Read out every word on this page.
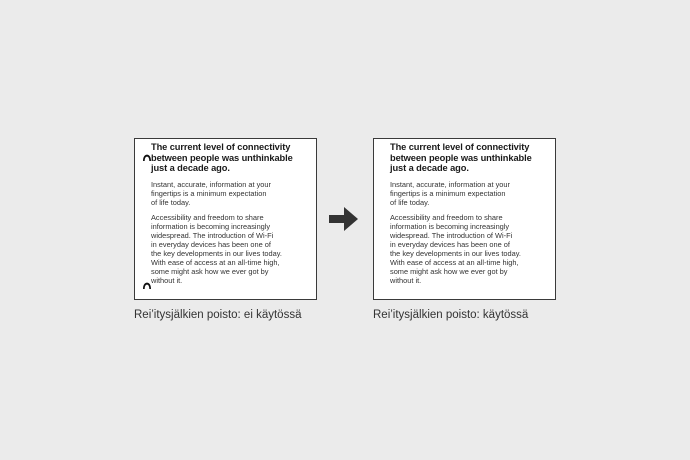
The current level of connectivity
between people was unthinkable
just a decade ago.
Instant, accurate, information at your
fingertips is a minimum expectation
of life today.
Accessibility and freedom to share
information is becoming increasingly
widespread. The introduction of Wi-Fi
in everyday devices has been one of
the key developments in our lives today.
With ease of access at an all-time high,
some might ask how we ever got by
without it.
The current level of connectivity
between people was unthinkable
just a decade ago.
Instant, accurate, information at your
fingertips is a minimum expectation
of life today.
Accessibility and freedom to share
information is becoming increasingly
widespread. The introduction of Wi-Fi
in everyday devices has been one of
the key developments in our lives today.
With ease of access at an all-time high,
some might ask how we ever got by
without it.
Rei’itysjälkien poisto: ei käytössä	Rei’itysjälkien poisto: käytössä
